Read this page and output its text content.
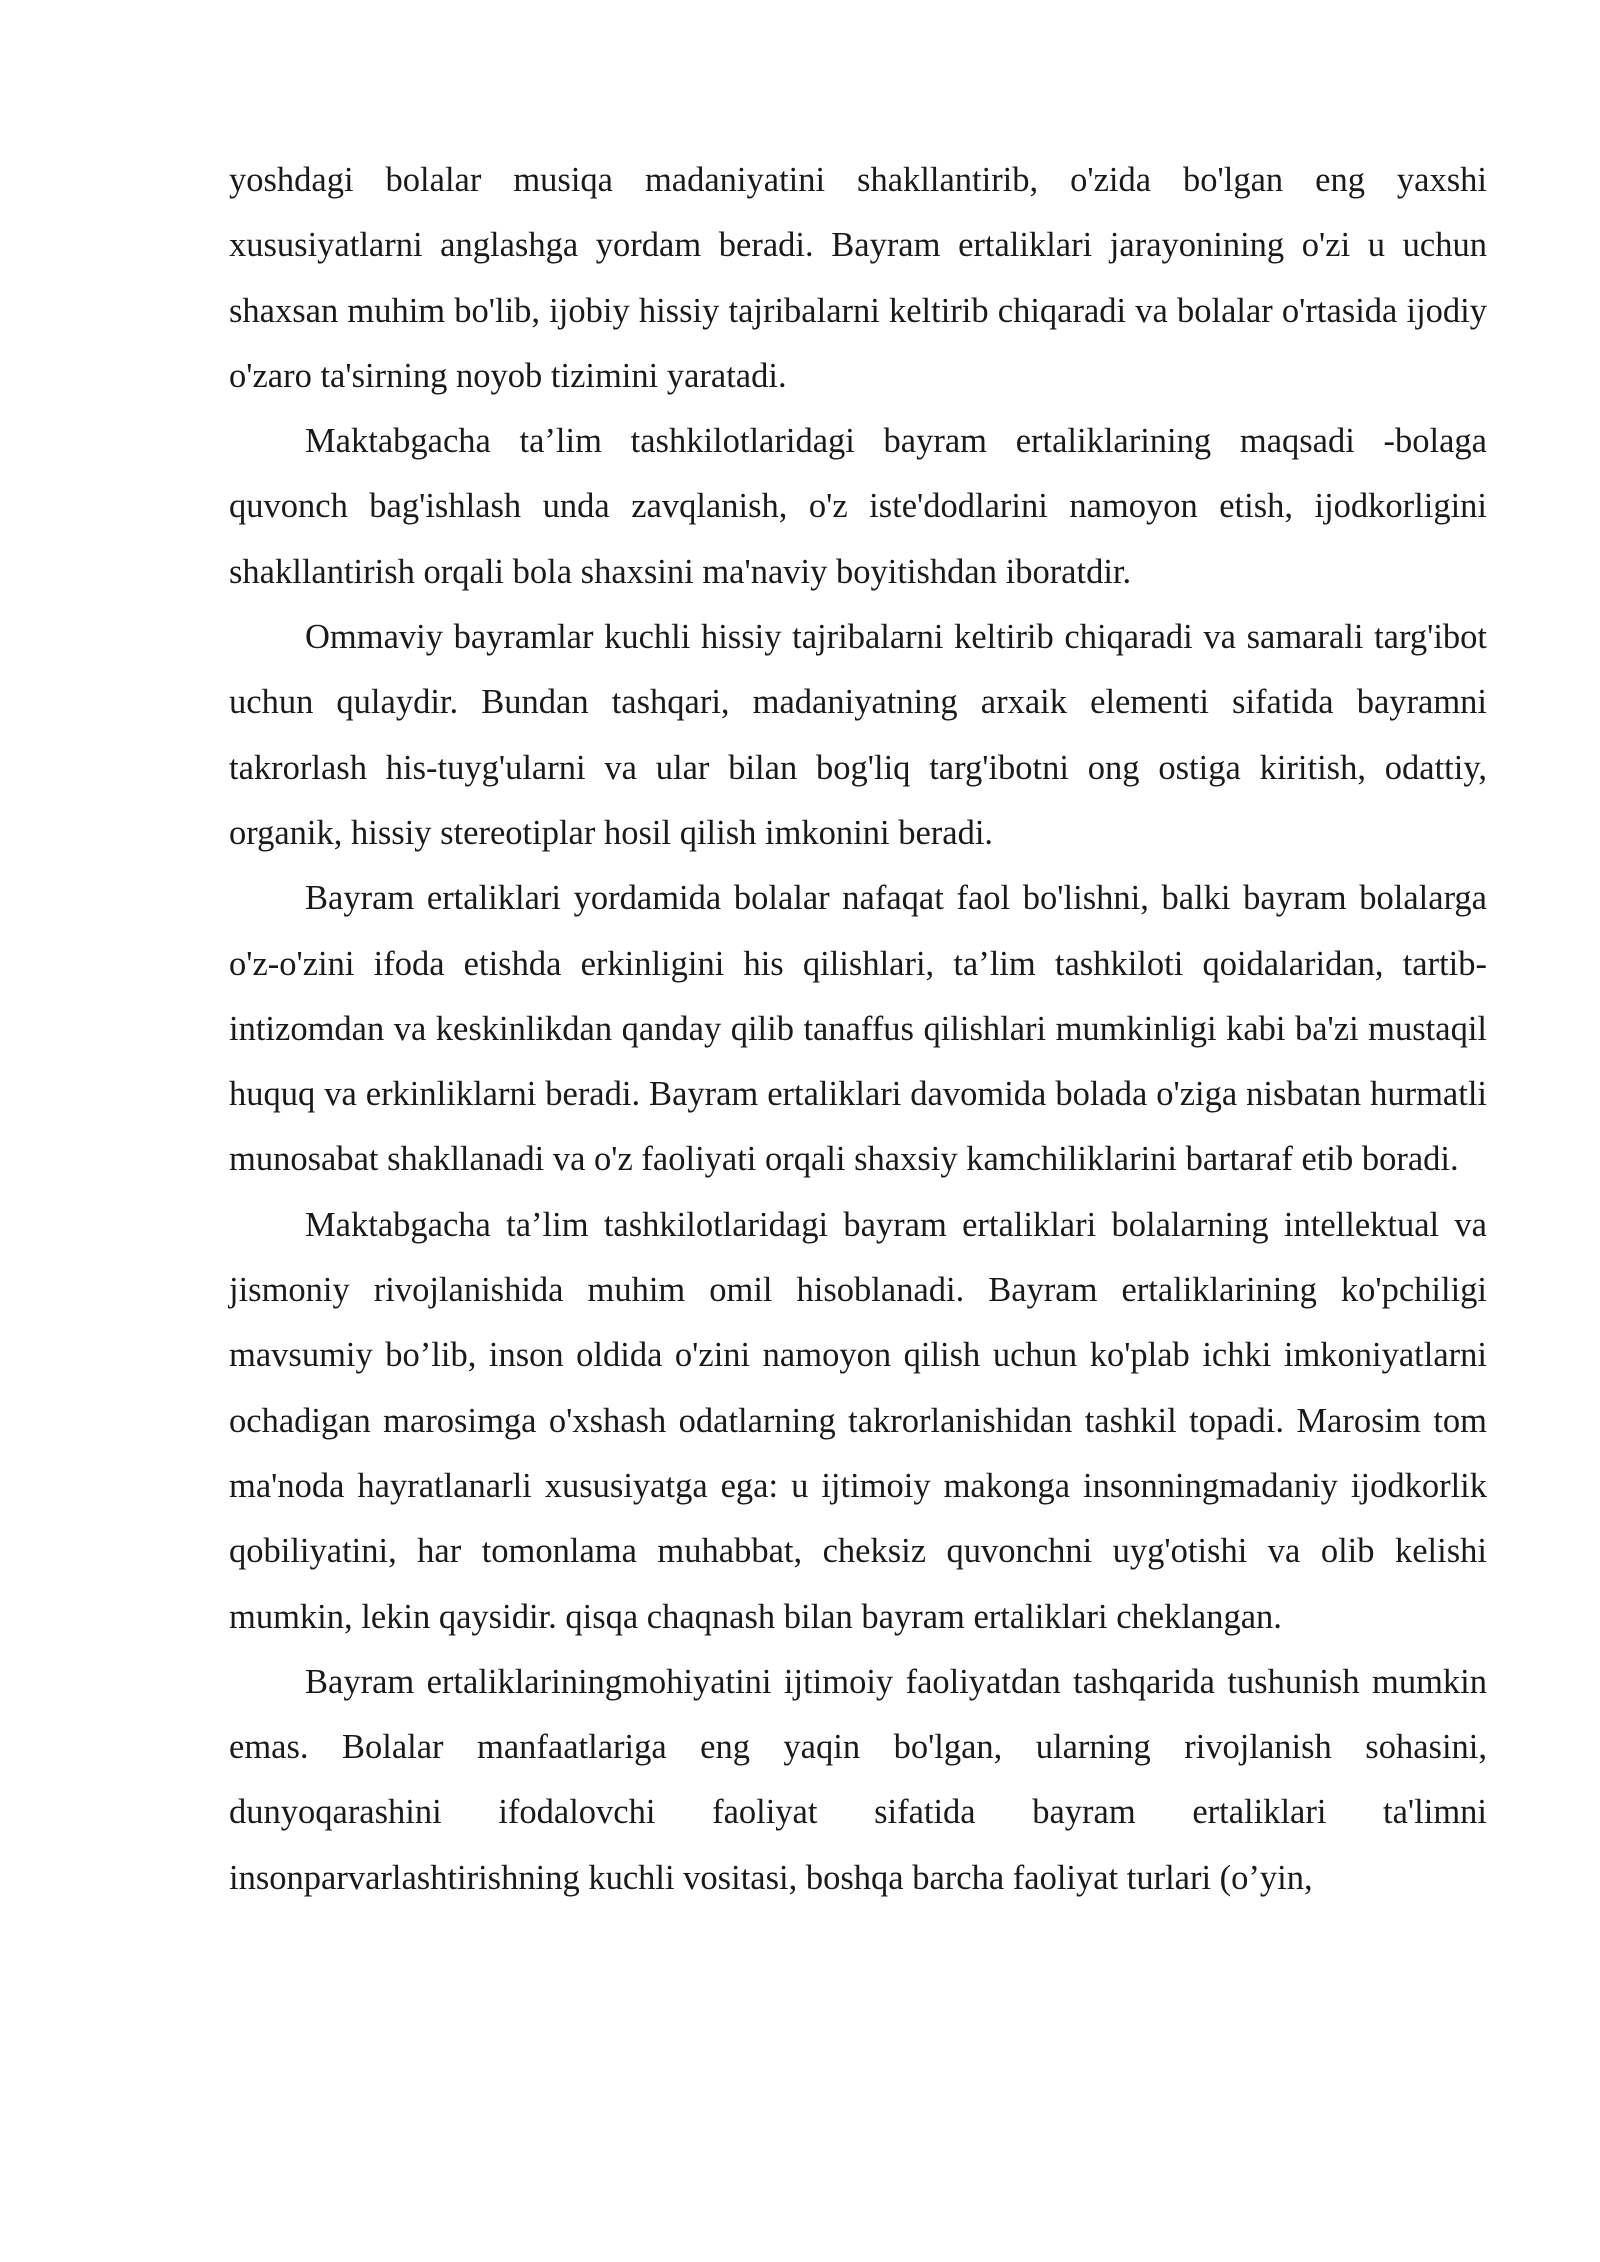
yoshdagi bolalar musiqa madaniyatini shakllantirib, o'zida bo'lgan eng yaxshi xususiyatlarni anglashga yordam beradi. Bayram ertaliklari jarayonining o'zi u uchun shaxsan muhim bo'lib, ijobiy hissiy tajribalarni keltirib chiqaradi va bolalar o'rtasida ijodiy o'zaro ta'sirning noyob tizimini yaratadi.

Maktabgacha ta’lim tashkilotlaridagi bayram ertaliklarining maqsadi -bolaga quvonch bag'ishlash unda zavqlanish, o'z iste'dodlarini namoyon etish, ijodkorligini shakllantirish orqali bola shaxsini ma'naviy boyitishdan iboratdir.

Ommaviy bayramlar kuchli hissiy tajribalarni keltirib chiqaradi va samarali targ'ibot uchun qulaydir. Bundan tashqari, madaniyatning arxaik elementi sifatida bayramni takrorlash his-tuyg'ularni va ular bilan bog'liq targ'ibotni ong ostiga kiritish, odattiy, organik, hissiy stereotiplar hosil qilish imkonini beradi.

Bayram ertaliklari yordamida bolalar nafaqat faol bo'lishni, balki bayram bolalarga o'z-o'zini ifoda etishda erkinligini his qilishlari, ta’lim tashkiloti qoidalaridan, tartib-intizomdan va keskinlikdan qanday qilib tanaffus qilishlari mumkinligi kabi ba'zi mustaqil huquq va erkinliklarni beradi. Bayram ertaliklari davomida bolada o'ziga nisbatan hurmatli munosabat shakllanadi va o'z faoliyati orqali shaxsiy kamchiliklarini bartaraf etib boradi.

Maktabgacha ta’lim tashkilotlaridagi bayram ertaliklari bolalarning intellektual va jismoniy rivojlanishida muhim omil hisoblanadi. Bayram ertaliklarining ko'pchiligi mavsumiy bo’lib, inson oldida o'zini namoyon qilish uchun ko'plab ichki imkoniyatlarni ochadigan marosimga o'xshash odatlarning takrorlanishidan tashkil topadi. Marosim tom ma'noda hayratlanarli xususiyatga ega: u ijtimoiy makonga insonningmadaniy ijodkorlik qobiliyatini, har tomonlama muhabbat, cheksiz quvonchni uyg'otishi va olib kelishi mumkin, lekin qaysidir. qisqa chaqnash bilan bayram ertaliklari cheklangan.

Bayram ertaliklariningmohiyatini ijtimoiy faoliyatdan tashqarida tushunish mumkin emas. Bolalar manfaatlariga eng yaqin bo'lgan, ularning rivojlanish sohasini, dunyoqarashini ifodalovchi faoliyat sifatida bayram ertaliklari ta'limni insonparvarlashtirishning kuchli vositasi, boshqa barcha faoliyat turlari (o’yin,
